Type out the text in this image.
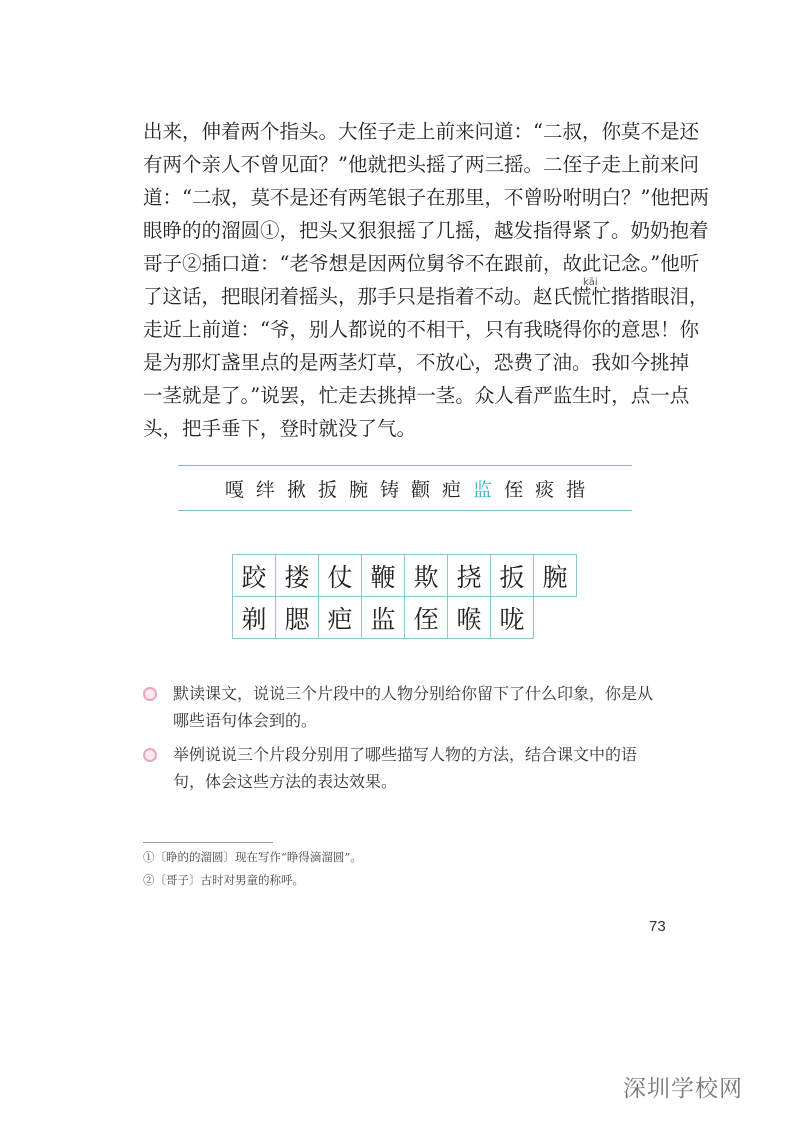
出来，伸着两个指头。大侄子走上前来问道：“二叔，你莫不是还
有两个亲人不曾见面？”他就把头摇了两三摇。二侄子走上前来问
道：“二叔，莫不是还有两笔银子在那里，不曾吩咐明白？”他把两
眼睁的的溜圆①，把头又狠狠摇了几摇，越发指得紧了。奶奶抱着
哥子②插口道：“老爷想是因两位舅爷不在跟前，故此记念。”他听
kāi
了这话，把眼闭着摇头，那手只是指着不动。赵氏慌忙揩揩眼泪，
走近上前道：“爷，别人都说的不相干，只有我晓得你的意思！你
是为那灯盏里点的是两茎灯草，不放心，恐费了油。我如今挑掉
一茎就是了。”说罢，忙走去挑掉一茎。众人看严监生时，点一点
头，把手垂下，登时就没了气。
嘎 绊 揪 扳 腕 铸 颧 疤 监 侄 痰 揩
跤 搂 仗 鞭 欺 挠 扳 腕
剃 腮 疤 监 侄 喉 咙
默读课文，说说三个片段中的人物分别给你留下了什么印象，你是从哪些语句体会到的。
举例说说三个片段分别用了哪些描写人物的方法，结合课文中的语句，体会这些方法的表达效果。
①〔睁的的溜圆〕现在写作“睁得滴溜圆”。
②〔哥子〕古时对男童的称呼。
73
深圳学校网
